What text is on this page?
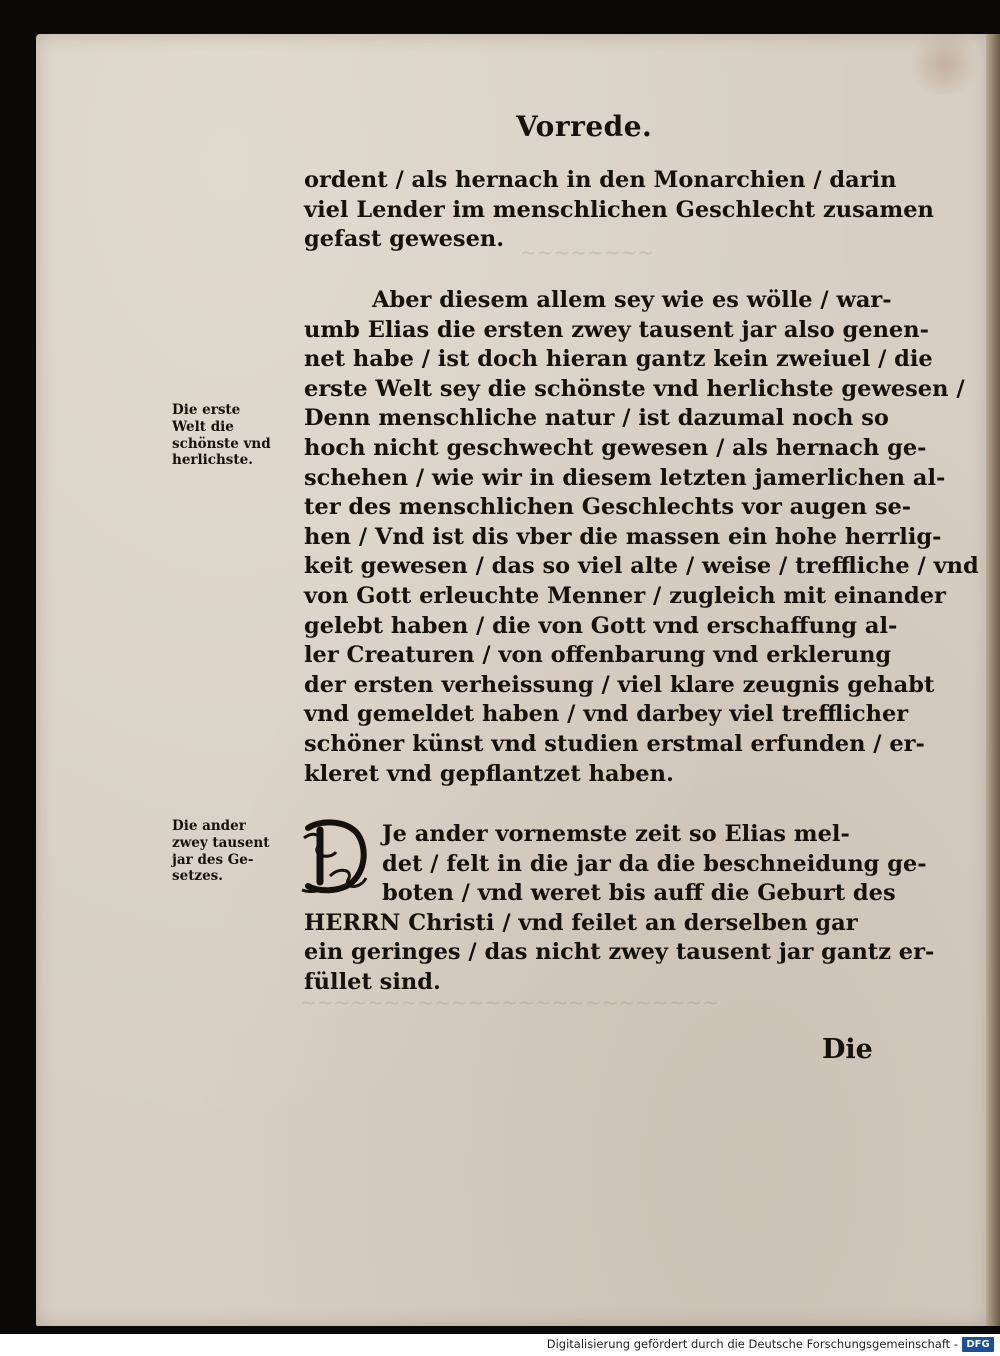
~~~~~~~~
~~~~~~~~~~~~~~~~~~~~~~~~~
Vorrede.
ordent / als hernach in den Monarchien / darin
viel Lender im menschlichen Geschlecht zusamen
gefast gewesen.
Aber diesem allem sey wie es wölle / war-
umb Elias die ersten zwey tausent jar also genen-
net habe / ist doch hieran gantz kein zweiuel / die
erste Welt sey die schönste vnd herlichste gewesen /
Denn menschliche natur / ist dazumal noch so
hoch nicht geschwecht gewesen / als hernach ge-
schehen / wie wir in diesem letzten jamerlichen al-
ter des menschlichen Geschlechts vor augen se-
hen / Vnd ist dis vber die massen ein hohe herrlig-
keit gewesen / das so viel alte / weise / treffliche / vnd
von Gott erleuchte Menner / zugleich mit einander
gelebt haben / die von Gott vnd erschaffung al-
ler Creaturen / von offenbarung vnd erklerung
der ersten verheissung / viel klare zeugnis gehabt
vnd gemeldet haben / vnd darbey viel trefflicher
schöner künst vnd studien erstmal erfunden / er-
kleret vnd gepflantzet haben.
Die erste
Welt die
schönste vnd
herlichste.
Die ander
zwey tausent
jar des Ge-
setzes.
Je ander vornemste zeit so Elias mel-
det / felt in die jar da die beschneidung ge-
boten / vnd weret bis auff die Geburt des
HERRN Christi / vnd feilet an derselben gar
ein geringes / das nicht zwey tausent jar gantz er-
füllet sind.
Die
Digitalisierung gefördert durch die Deutsche Forschungsgemeinschaft - DFG
